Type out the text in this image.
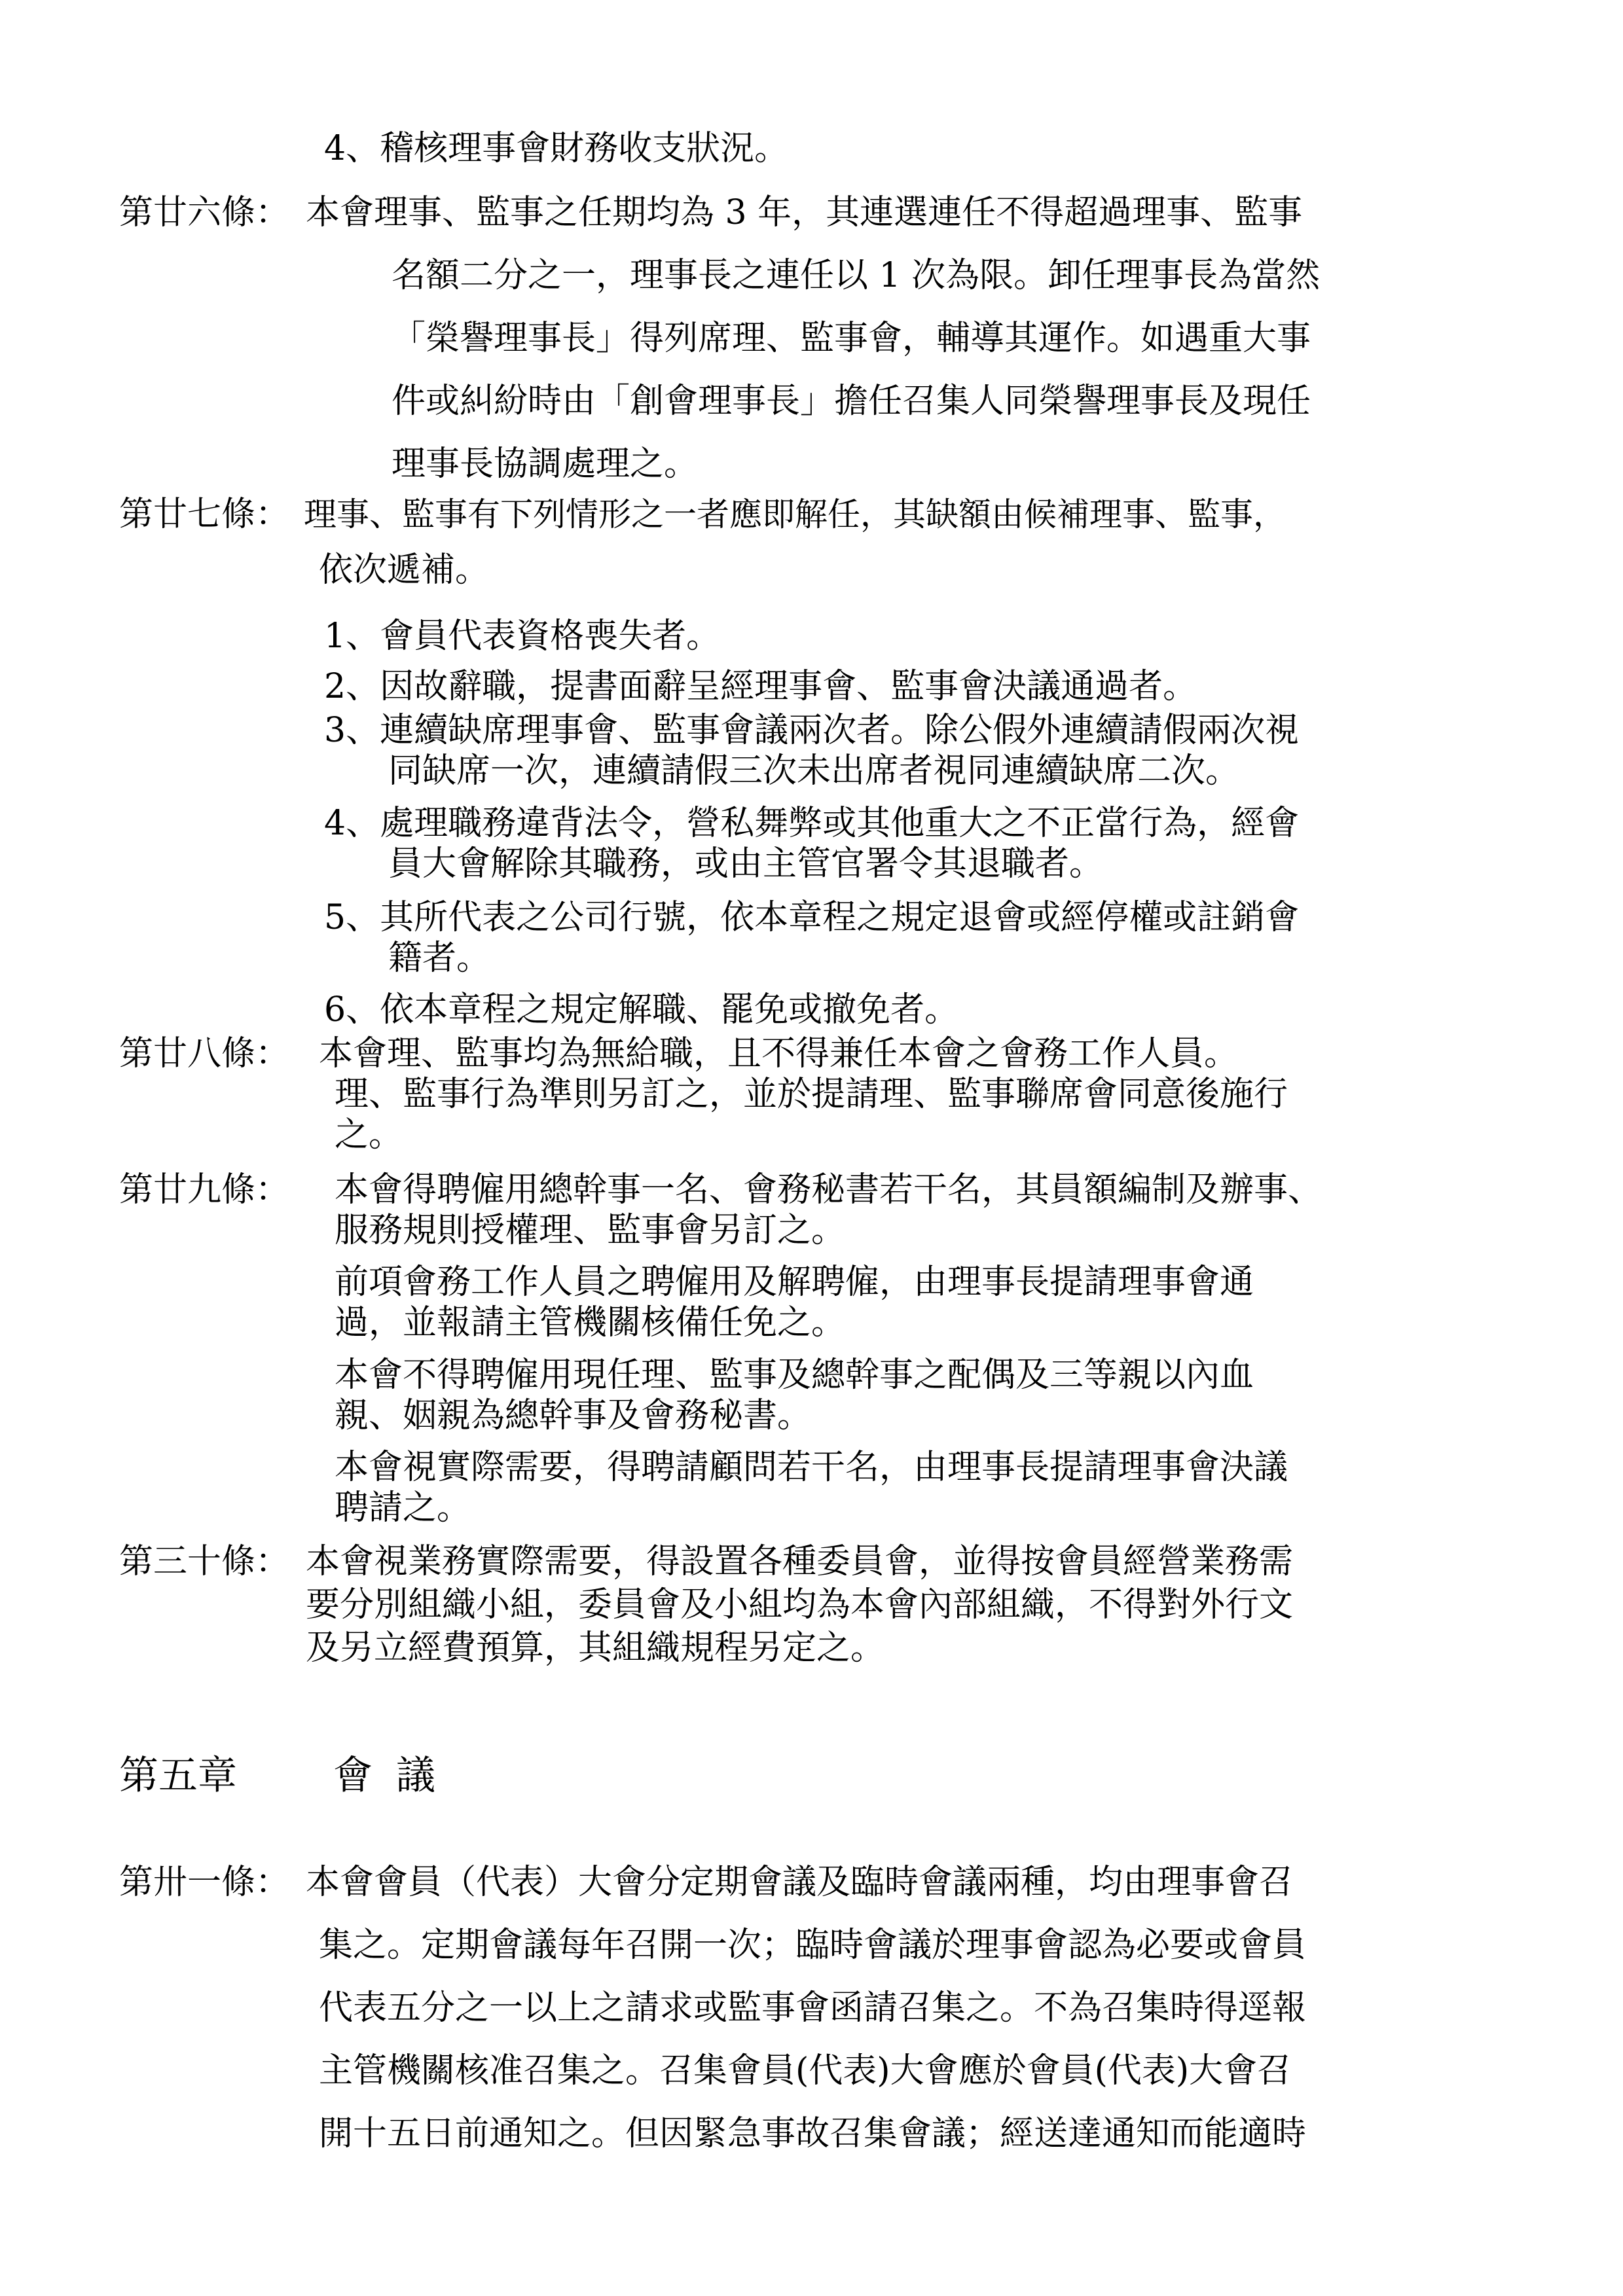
4、稽核理事會財務收支狀況。
第廿六條： 本會理事、監事之任期均為 3 年，其連選連任不得超過理事、監事
名額二分之一，理事長之連任以 1 次為限。卸任理事長為當然
「榮譽理事長」得列席理、監事會，輔導其運作。如遇重大事
件或糾紛時由「創會理事長」擔任召集人同榮譽理事長及現任
理事長協調處理之。
第廿七條： 理事、監事有下列情形之一者應即解任，其缺額由候補理事、監事，
依次遞補。
1、會員代表資格喪失者。
2、因故辭職，提書面辭呈經理事會、監事會決議通過者。
3、連續缺席理事會、監事會議兩次者。除公假外連續請假兩次視
同缺席一次，連續請假三次未出席者視同連續缺席二次。
4、處理職務違背法令，營私舞弊或其他重大之不正當行為，經會
員大會解除其職務，或由主管官署令其退職者。
5、其所代表之公司行號，依本章程之規定退會或經停權或註銷會
籍者。
6、依本章程之規定解職、罷免或撤免者。
第廿八條： 本會理、監事均為無給職，且不得兼任本會之會務工作人員。
理、監事行為準則另訂之，並於提請理、監事聯席會同意後施行
之。
第廿九條： 本會得聘僱用總幹事一名、會務秘書若干名，其員額編制及辦事、
服務規則授權理、監事會另訂之。
前項會務工作人員之聘僱用及解聘僱，由理事長提請理事會通
過，並報請主管機關核備任免之。
本會不得聘僱用現任理、監事及總幹事之配偶及三等親以內血
親、姻親為總幹事及會務秘書。
本會視實際需要，得聘請顧問若干名，由理事長提請理事會決議
聘請之。
第三十條： 本會視業務實際需要，得設置各種委員會，並得按會員經營業務需
要分別組織小組，委員會及小組均為本會內部組織，不得對外行文
及另立經費預算，其組織規程另定之。
第五章 會議
第卅一條： 本會會員（代表）大會分定期會議及臨時會議兩種，均由理事會召
集之。定期會議每年召開一次；臨時會議於理事會認為必要或會員
代表五分之一以上之請求或監事會函請召集之。不為召集時得逕報
主管機關核准召集之。召集會員(代表)大會應於會員(代表)大會召
開十五日前通知之。但因緊急事故召集會議；經送達通知而能適時
